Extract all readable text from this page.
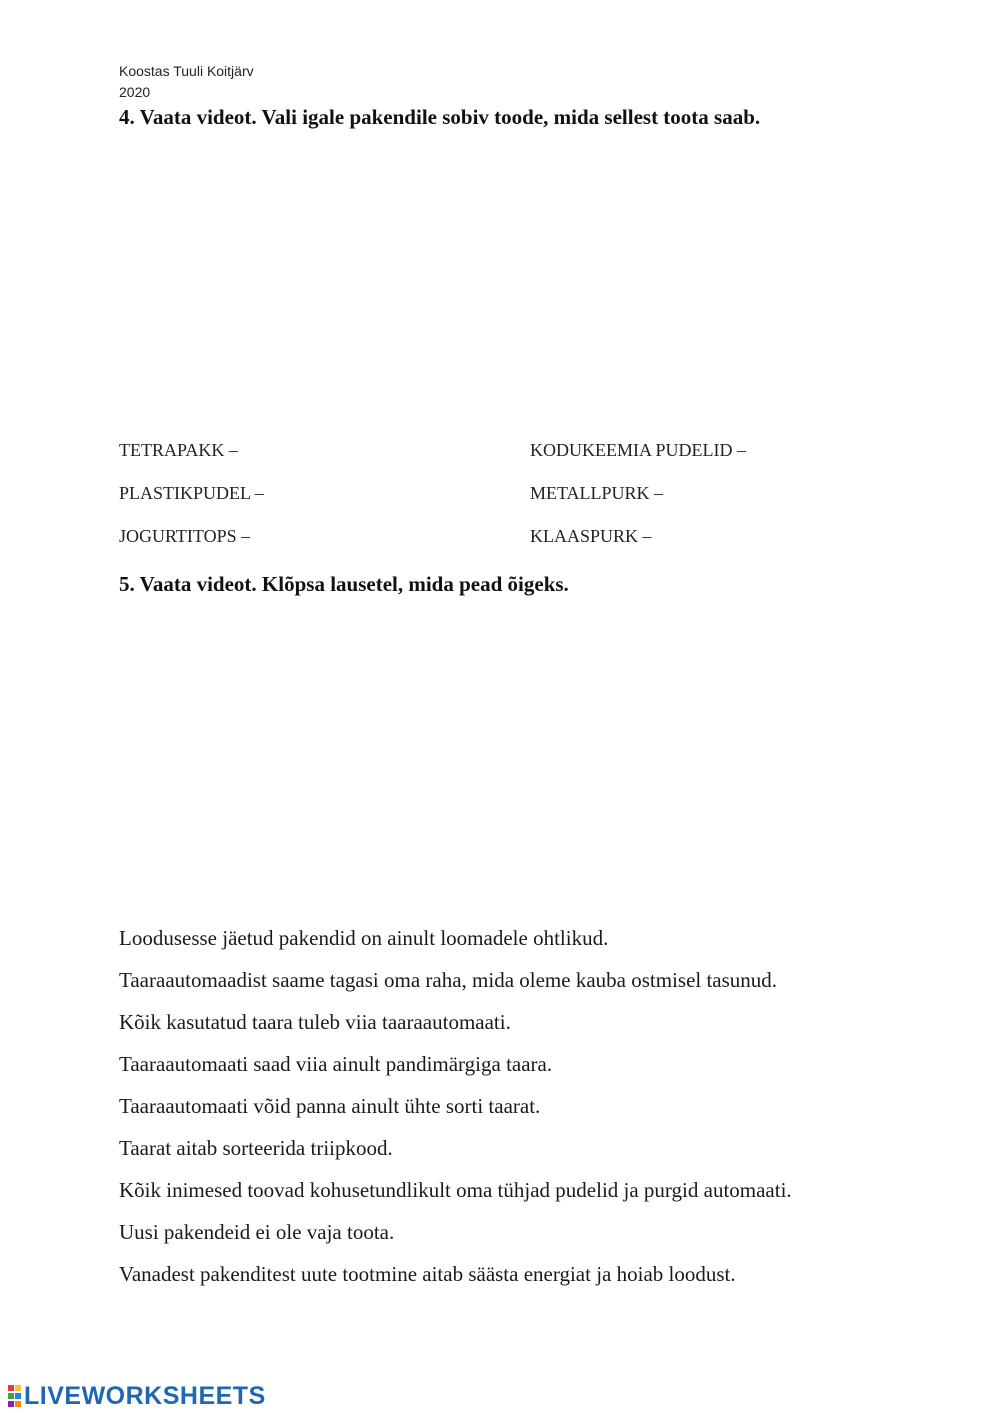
Koostas Tuuli Koitjärv
2020
4. Vaata videot. Vali igale pakendile sobiv toode, mida sellest toota saab.
TETRAPAKK –
PLASTIKPUDEL –
JOGURTITOPS –
KODUKEEMIA PUDELID –
METALLPURK –
KLAASPURK –
5. Vaata videot. Klõpsa lausetel, mida pead õigeks.
Loodusesse jäetud pakendid on ainult loomadele ohtlikud.
Taaraautomaadist saame tagasi oma raha, mida oleme kauba ostmisel tasunud.
Kõik kasutatud taara tuleb viia taaraautomaati.
Taaraautomaati saad viia ainult pandimärgiga taara.
Taaraautomaati võid panna ainult ühte sorti taarat.
Taarat aitab sorteerida triipkood.
Kõik inimesed toovad kohusetundlikult oma tühjad pudelid ja purgid automaati.
Uusi pakendeid ei ole vaja toota.
Vanadest pakenditest uute tootmine aitab säästa energiat ja hoiab loodust.
LIVEWORKSHEETS
